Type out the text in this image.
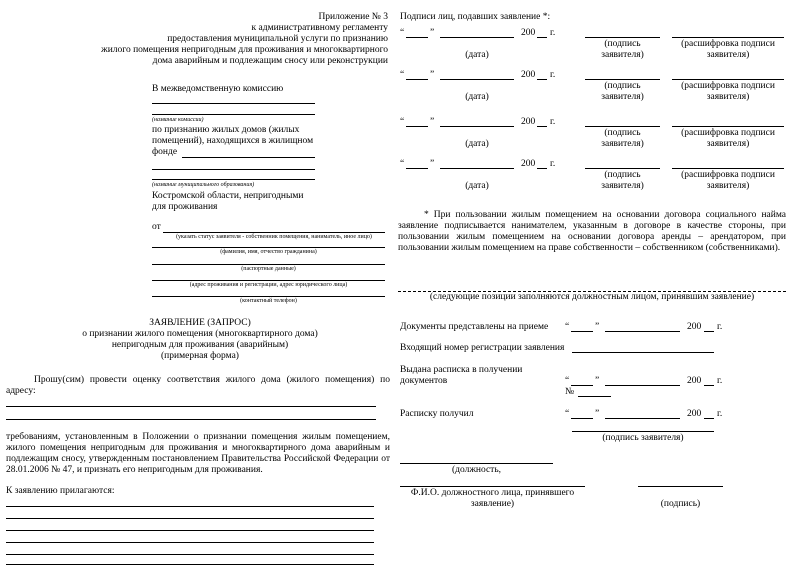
Приложение № 3
к административному регламенту
предоставления муниципальной услуги по признанию
жилого помещения непригодным для проживания и многоквартирного
дома аварийным и подлежащим сносу или реконструкции
В межведомственную комиссию
(название комиссии)
по признанию жилых домов (жилых
помещений), находящихся в жилищном
фонде
(название муниципального образования)
Костромской области, непригодными
для проживания
от
(указать статус заявителя - собственник помещения, наниматель, иное лицо)
(фамилия, имя, отчество гражданина)
(паспортные данные)
(адрес проживания и регистрации, адрес юридического лица)
(контактный телефон)
ЗАЯВЛЕНИЕ (ЗАПРОС)
о признании жилого помещения (многоквартирного дома)
непригодным для проживания (аварийным)
(примерная форма)
Прошу(сим) провести оценку соответствия жилого дома (жилого помещения) по адресу:
требованиям, установленным в Положении о признании помещения жилым помещением, жилого помещения непригодным для проживания и многоквартирного дома аварийным и подлежащим сносу, утвержденным постановлением Правительства Российской Федерации от 28.01.2006 № 47, и признать его непригодным для проживания.
К заявлению прилагаются:
Подписи лиц, подавших заявление *:
“	”	200 г.
(дата)
(подпись
заявителя)
(расшифровка подписи
заявителя)
“	”	200 г.
(дата)
(подпись
заявителя)
(расшифровка подписи
заявителя)
“	”	200 г.
(дата)
(подпись
заявителя)
(расшифровка подписи
заявителя)
“	”	200 г.
(дата)
(подпись
заявителя)
(расшифровка подписи
заявителя)
* При пользовании жилым помещением на основании договора социального найма заявление подписывается нанимателем, указанным в договоре в качестве стороны, при пользовании жилым помещением на основании договора аренды – арендатором, при пользовании жилым помещением на праве собственности – собственником (собственниками).
(следующие позиции заполняются должностным лицом, принявшим заявление)
Документы представлены на приеме “	”	200 г.
Входящий номер регистрации заявления
Выдана расписка в получении
документов	“	”	200 г.
№
Расписку получил	“	”	200 г.
(подпись заявителя)
(должность,
Ф.И.О. должностного лица, принявшего
заявление)	(подпись)
